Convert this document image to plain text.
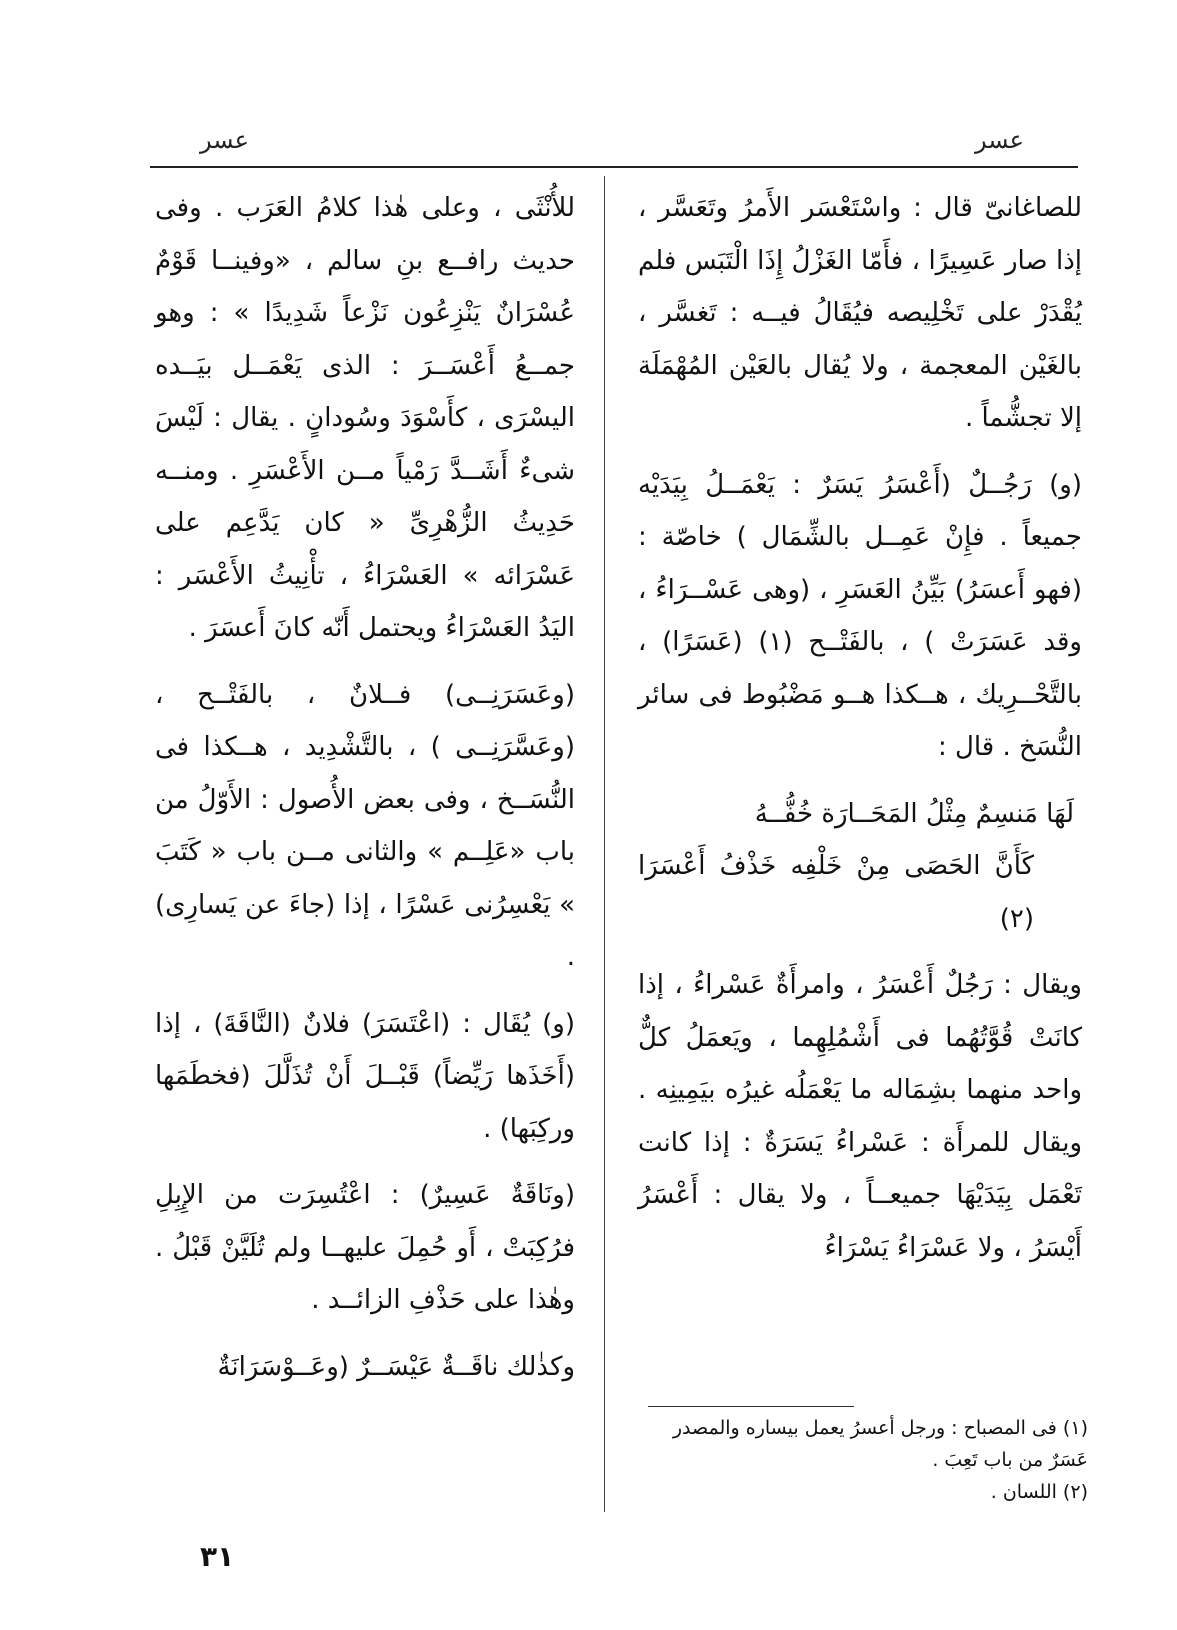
عسر	عسر

للصاغانىّ قال : واسْتَعْسَر الأَمرُ وتَعَسَّر ، إذا صار عَسِيرًا ، فأَمّا الغَزْلُ إِذَا الْتَبَس فلم يُقْدَرْ على تَخْلِيصه فيُقَالُ فيــه : تَغسَّر ، بالغَيْن المعجمة ، ولا يُقال بالعَيْن المُهْمَلَة إلا تجشُّماً .

(و) رَجُــلٌ (أَعْسَرُ يَسَرٌ : يَعْمَــلُ بِيَدَيْه جميعاً . فإِنْ عَمِــل بالشِّمَال ) خاصّة : (فهو أَعسَرُ) بَيِّنُ العَسَرِ ، (وهى عَسْــرَاءُ ، وقد عَسَرَتْ ) ، بالفَتْــح (١) (عَسَرًا) ، بالتَّحْــرِيك ، هــكذا هــو مَضْبُوط فى سائر النُّسَخ . قال :

لَهَا مَنسِمٌ مِثْلُ المَحَــارَة خُفُّــهُ
كَأَنَّ الحَصَى مِنْ خَلْفِه خَذْفُ أَعْسَرَا (٢)

ويقال : رَجُلٌ أَعْسَرُ ، وامرأَةٌ عَسْراءُ ، إذا كانَتْ قُوَّتُهُما فى أَشْمُلِهِما ، ويَعمَلُ كلٌّ واحد منهما بشِمَاله ما يَعْمَلُه غيرُه بيَمِينِه . ويقال للمرأَة : عَسْراءُ يَسَرَةٌ : إذا كانت تَعْمَل بِيَدَيْهَا جميعــاً ، ولا يقال : أَعْسَرُ أَيْسَرُ ، ولا عَسْرَاءُ يَسْرَاءُ

للأُنْثَى ، وعلى هٰذا كلامُ العَرَب . وفى حديث رافــع بنِ سالم ، «وفينــا قَوْمٌ عُسْرَانٌ يَنْزِعُون نَزْعاً شَدِيدًا » : وهو جمــعُ أَعْسَــرَ : الذى يَعْمَــل بيَــده اليسْرَى ، كأَسْوَدَ وسُودانٍ . يقال : لَيْسَ شىءٌ أَشَــدَّ رَمْياً مــن الأَعْسَرِ . ومنــه حَدِيثُ الزُّهْرِىِّ « كان يَدَّعِم على عَسْرَائه » العَسْرَاءُ ، تأْنِيثُ الأَعْسَر : اليَدُ العَسْرَاءُ ويحتمل أَنّه كانَ أَعسَرَ .

(وعَسَرَنِــى) فــلانٌ ، بالفَتْــح ، (وعَسَّرَنِــى ) ، بالتَّشْدِيد ، هــكذا فى النُّسَــخ ، وفى بعض الأُصول : الأَوّلُ من باب «عَلِــم » والثانى مــن باب « كَتَبَ » يَعْسِرُنى عَسْرًا ، إذا (جاءَ عن يَسارِى) .

(و) يُقَال : (اعْتَسَرَ) فلانٌ (النَّاقَةَ) ، إذا (أَخَذَها رَيِّضاً) قَبْــلَ أَنْ تُذَلَّلَ (فخطَمَها وركِبَها) .

(ونَاقَةٌ عَسِيرٌ) : اعْتُسِرَت من الإِبِلِ فرُكِبَتْ ، أَو حُمِلَ عليهــا ولم تُلَيَّنْ قَبْلُ . وهٰذا على حَذْفِ الزائــد .

وكذٰلك ناقَــةٌ عَيْسَــرٌ (وعَــوْسَرَانَةٌ

(١) فى المصباح : ورجل أعسرُ يعمل بيساره والمصدر عَسَرٌ من باب تَعِبَ .

(٢) اللسان .

٣١
